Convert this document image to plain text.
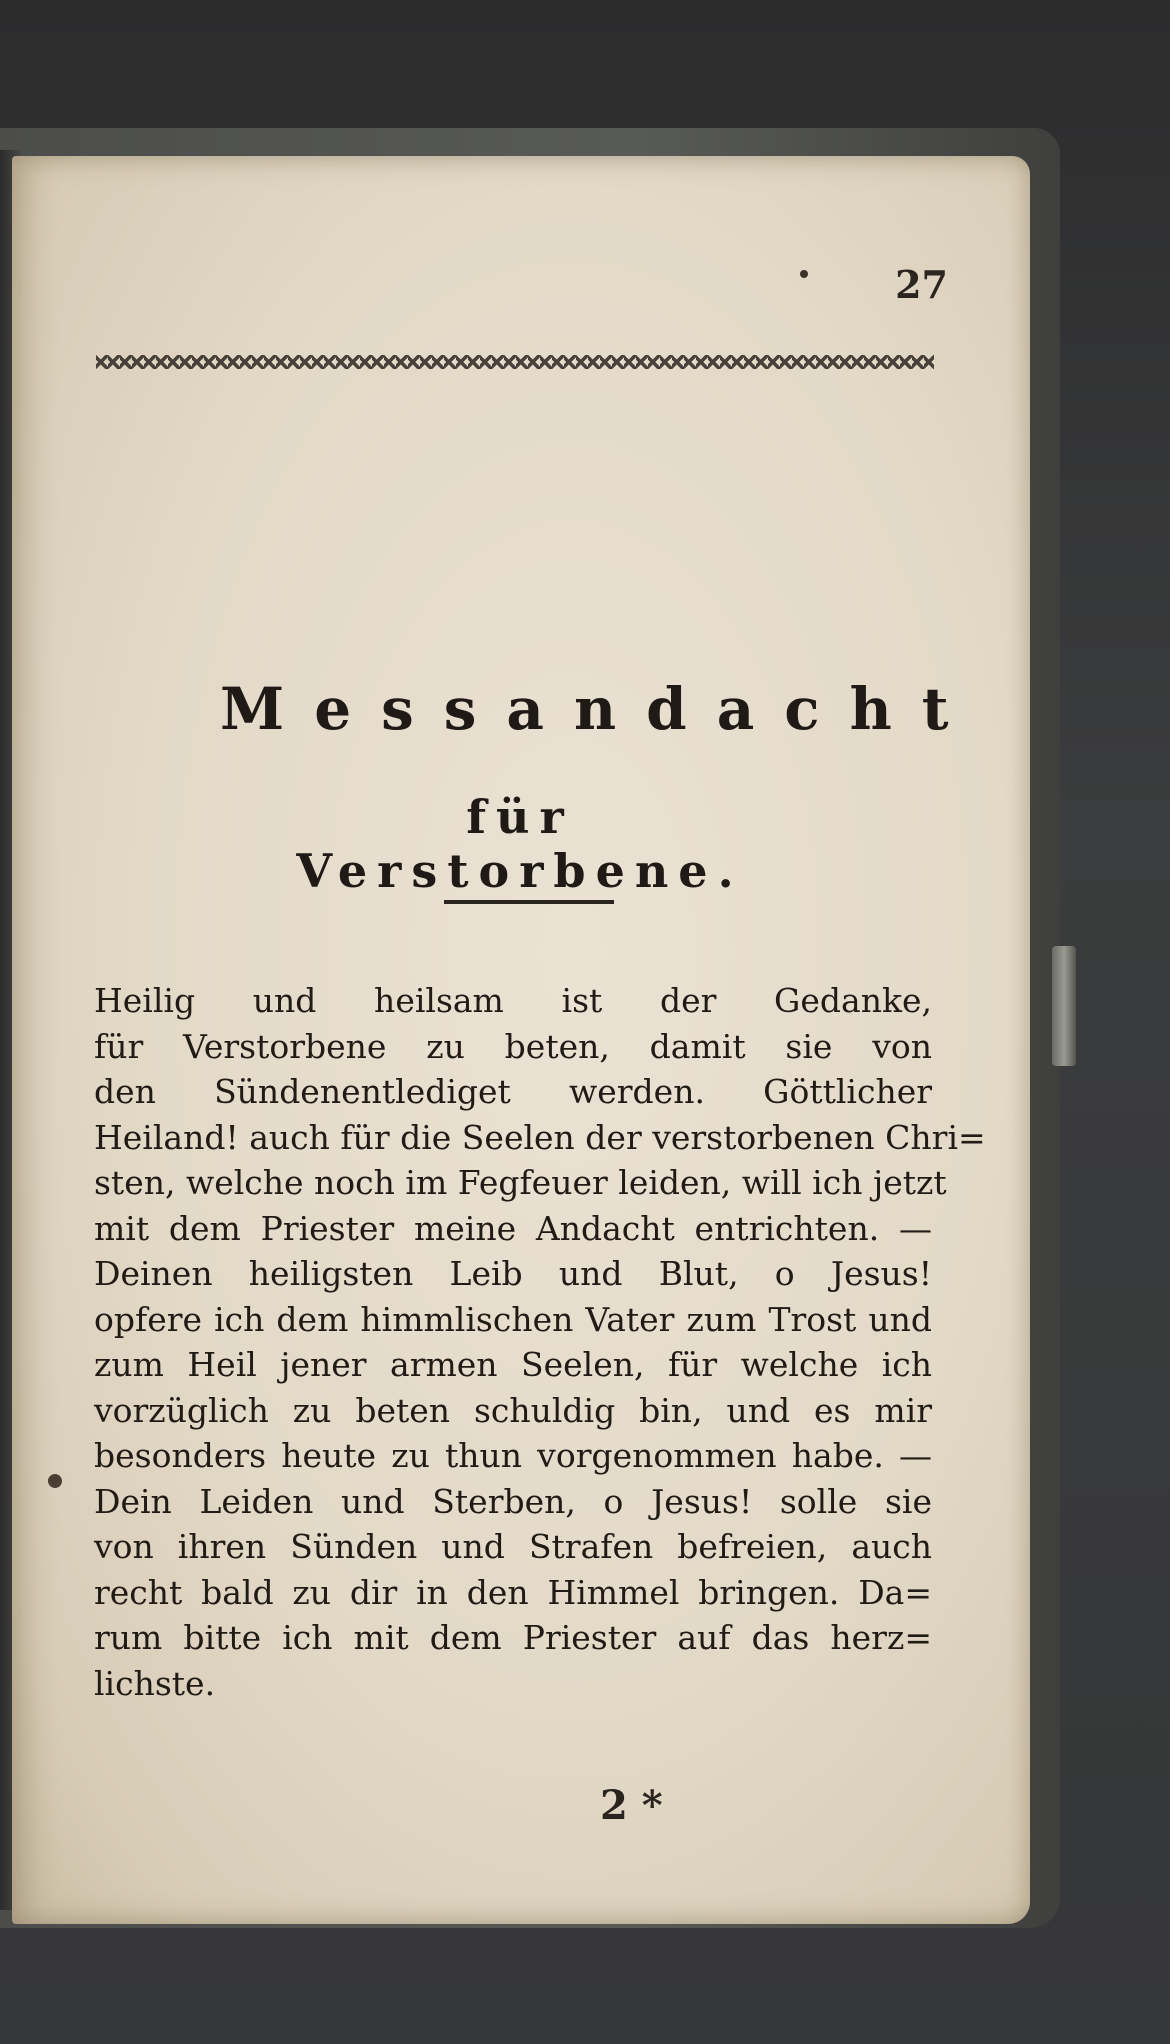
27
Messandacht
für Verstorbene.
Heilig und heilsam ist der Gedanke,
für Verstorbene zu beten, damit sie von
den Sündenentlediget werden. Göttlicher
Heiland! auch für die Seelen der verstorbenen Chri=
sten, welche noch im Fegfeuer leiden, will ich jetzt
mit dem Priester meine Andacht entrichten. —
Deinen heiligsten Leib und Blut, o Jesus!
opfere ich dem himmlischen Vater zum Trost und
zum Heil jener armen Seelen, für welche ich
vorzüglich zu beten schuldig bin, und es mir
besonders heute zu thun vorgenommen habe. —
Dein Leiden und Sterben, o Jesus! solle sie
von ihren Sünden und Strafen befreien, auch
recht bald zu dir in den Himmel bringen. Da=
rum bitte ich mit dem Priester auf das herz=
lichste.
2 *
